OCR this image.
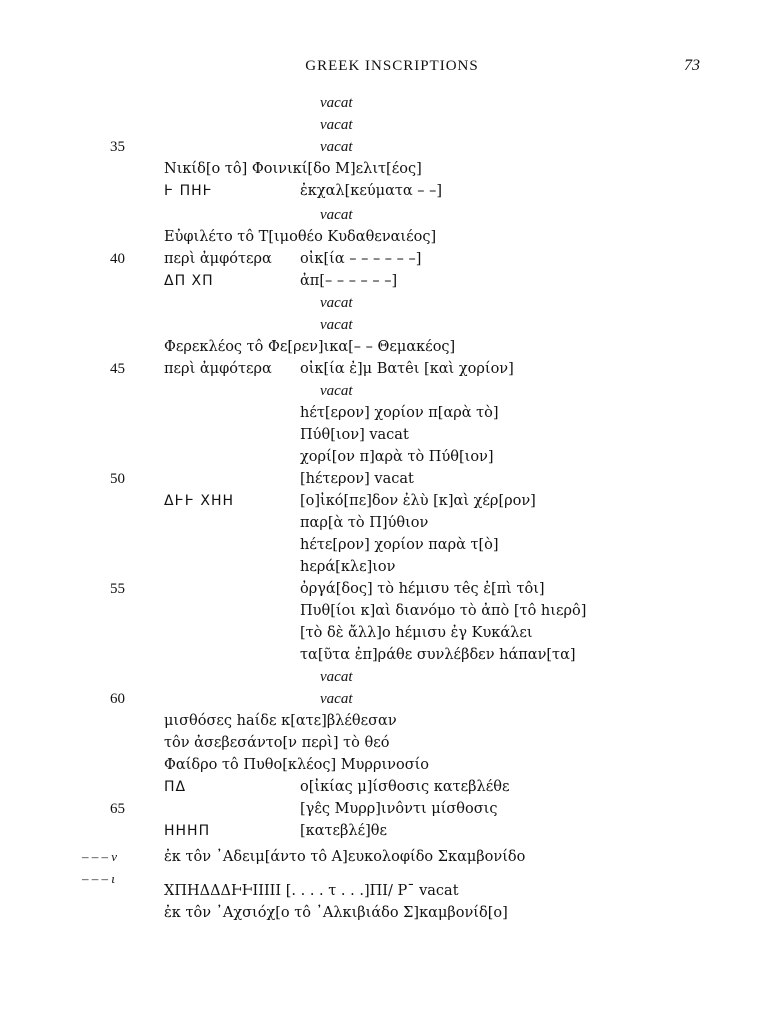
GREEK INSCRIPTIONS	73
vacat
vacat
35	vacat
Νικίδ[ο τô] Φοινικί[δο Μ]ελιτ[έος]
Ͱ ΠΗͰ	ἐκχαλ[κεύματα – –]
vacat
Εὐφιλέτο τô Τ[ιμοθέο Κυδαθεναιέος]
40	περὶ ἀμφότερα οἰκ[ία – – – – – –]
ΔΠ ΧΠ	ἀπ[– – – – – –]
vacat
vacat
Φερεκλέος τô Φε[ρεν]ικα[– – Θεμακέος]
45	περὶ ἀμφότερα οἰκ[ία ἐ]μ Βατêι [καὶ χορίον]
vacat
hέτ[ερον] χορίον π[αρὰ τὸ]
Πύθ[ιον] vacat
χορί[ον π]αρὰ τὸ Πύθ[ιον]
50	[hέτερον] vacat
ΔͰͰ ΧΗΗ	[ο]ἰκό[πε]δον ἐλὺ [κ]αὶ χέρ[ρον]
παρ[ὰ τὸ Π]ύθιον
hέτε[ρον] χορίον παρὰ τ[ὸ]
hερά[κλε]ιον
55	ὀργά[δος] τὸ hέμισυ τêς ἐ[πὶ τôι]
Πυθ[ίοι κ]αὶ διανόμο τὸ ἀπὸ [τô hιερô]
[τὸ δὲ ἄλλ]ο hέμισυ ἐγ Κυκάλει
τα[ῦτα ἐπ]ράθε συνλέβδεν hάπαν[τα]
vacat
60	vacat
μισθόσες haίδε κ[ατε]βλέθεσαν
τôν ἀσεβεσάντο[ν περὶ] τὸ θεό
Φαίδρο τô Πυθο[κλέος] Μυρρινοσίο
ΠΔ	ο[ἰκίας μ]ίσθοσις κατεβλέθε
65	[γε̂ς Μυρρ]ινôντι μίσθοσις
ΗΗΗΠ	[κατεβλέ]θε
– – – ν	ἐκ τôν ᾿Αδειμ[άντο τô Α]ευκολοφίδο Σκαμβονίδο
– – – ι
ΧΠΗΔΔΔͰͰIIIII [. . . . τ . . .]ΠΙ/ Ρ¯ vacat
ἐκ τôν ᾿Αχσιόχ[ο τô ᾿Αλκιβιάδο Σ]καμβονίδ[ο]
